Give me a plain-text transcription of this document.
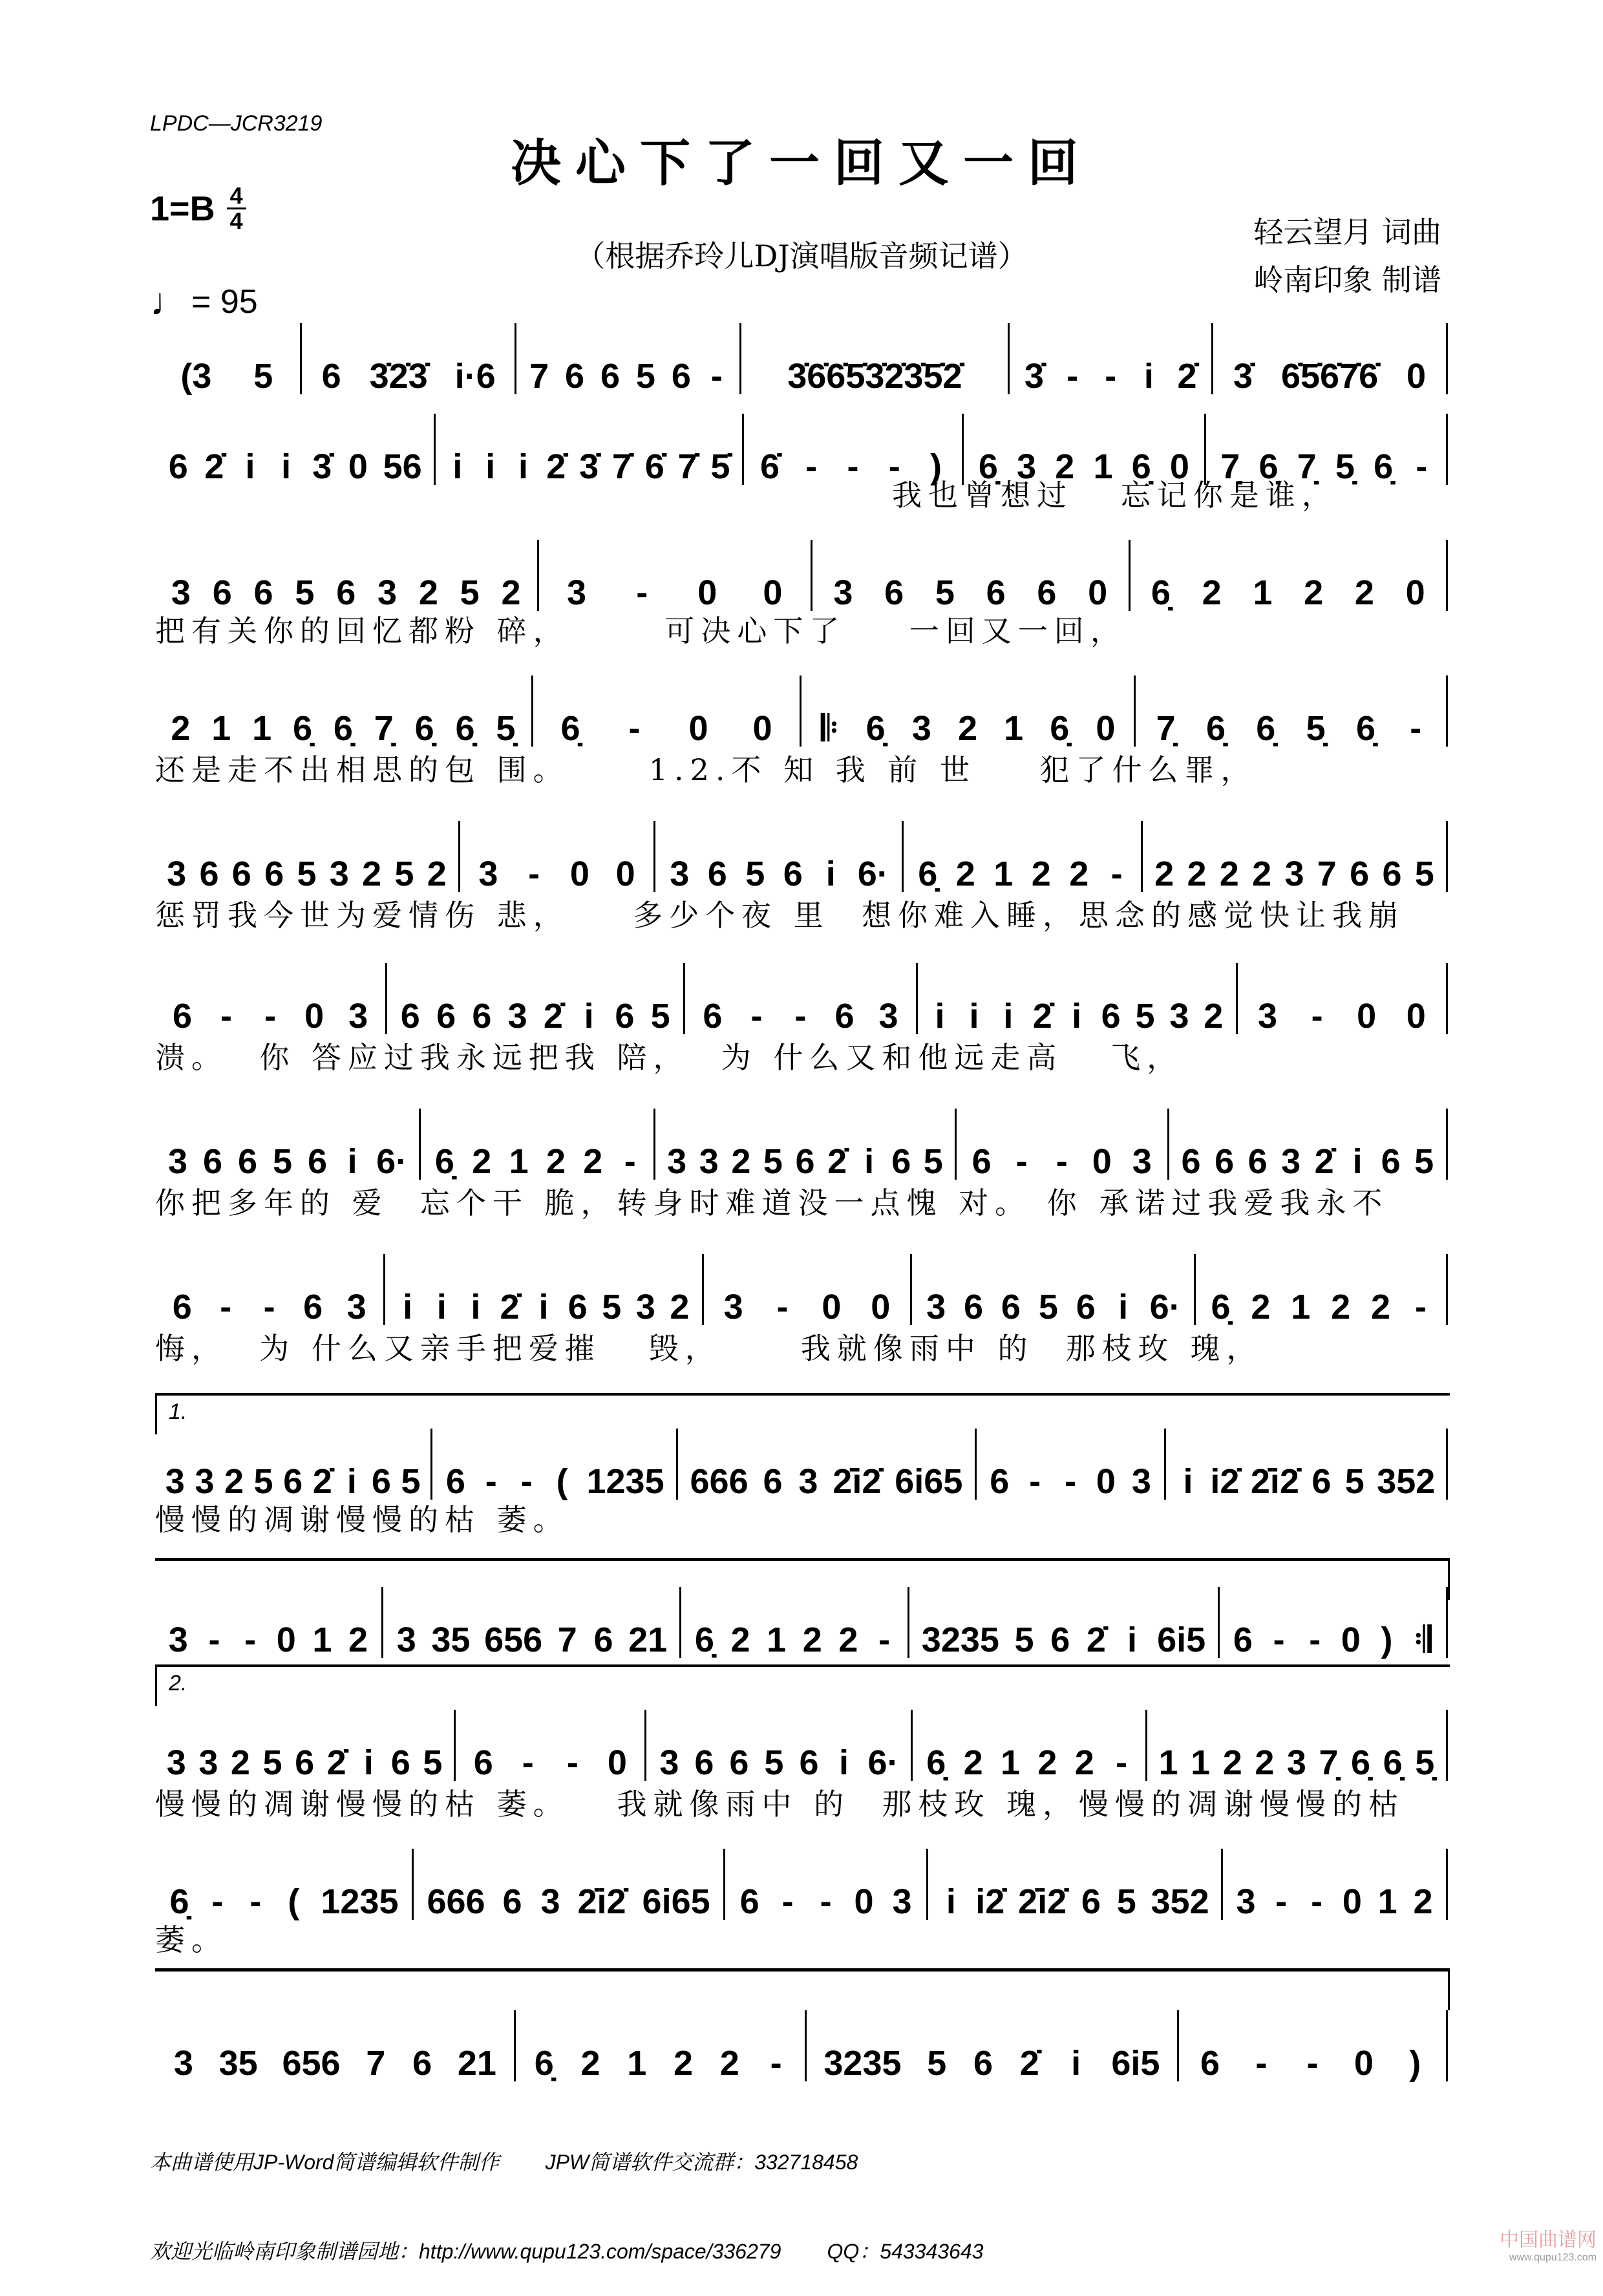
LPDC—JCR3219
决心下了一回又一回
$1=B \frac{4}{4}$
（根据乔玲儿DJ演唱版音频记谱）
轻云望月 词曲
岭南印象 制谱
♩ = 95
(3 5 6 3̇2̇3̇ i·6 7 6 6 5 6 - 3̇6̇6̇5̇3̇2̇3̇5̇2̇ 3̇ - - i 2̇ 3̇ 6̇5̇6̇7̇6̇ 0
6 2̇ i i 3̇ 0 56 i i i 2̇ 3̇ 7̇ 6̇ 7̇ 5̇ 6̇ - - - ) 6̣ 3 2 1 6̣ 0 7̣ 6̣ 7̣ 5̣ 6̣ -
3 6 6 5 6 3 2 5 2 3 - 0 0 3 6 5 6 6 0 6̣ 2 1 2 2 0
2 1 1 6̣ 6̣ 7̣ 6̣ 6̣ 5̣ 6̣ - 0 0 𝄆 6̣ 3 2 1 6̣ 0 7̣ 6̣ 6̣ 5̣ 6̣ -
3 6 6 6 5 3 2 5 2 3 - 0 0 3 6 5 6 i 6· 6̣ 2 1 2 2 - 2 2 2 2 3 7 6 6 5
6 - - 0 3 6 6 6 3 2̇ i 6 5 6 - - 6 3 i i i 2̇ i 6 5 3 2 3 - 0 0
3 6 6 5 6 i 6· 6̣ 2 1 2 2 - 3 3 2 5 6 2̇ i 6 5 6 - - 0 3 6 6 6 3 2̇ i 6 5
6 - - 6 3 i i i 2̇ i 6 5 3 2 3 - 0 0 3 6 6 5 6 i 6· 6̣ 2 1 2 2 -
3 3 2 5 6 2̇ i 6 5 6 - - ( 1235 666 6 3 2̇i2̇ 6i65 6 - - 0 3 i i2̇ 2̇i2̇ 6 5 352
3 - - 0 1 2 3 35 656 7 6 21 6̣ 2 1 2 2 - 3235 5 6 2̇ i 6i5 6 - - 0 ) 𝄇
3 3 2 5 6 2̇ i 6 5 6 - - 0 3 6 6 5 6 i 6· 6̣ 2 1 2 2 - 1 1 2 2 3 7̣ 6̣ 6̣ 5̣
6̣ - - ( 1235 666 6 3 2̇i2̇ 6i65 6 - - 0 3 i i2̇ 2̇i2̇ 6 5 352 3 - - 0 1 2
3 35 656 7 6 21 6̣ 2 1 2 2 - 3235 5 6 2̇ i 6i5 6 - - 0 )
我也曾想过   忘记你是谁，
把有关你的回忆都粉 碎，      可决心下了    一回又一回，
还是走不出相思的包 围。     1.2.不 知 我 前 世    犯了什么罪，
惩罚我今世为爱情伤 悲，    多少个夜 里  想你难入睡，思念的感觉快让我崩
溃。  你 答应过我永远把我 陪，  为 什么又和他远走高   飞，
你把多年的 爱  忘个干 脆，转身时难道没一点愧 对。 你 承诺过我爱我永不
悔，  为 什么又亲手把爱摧   毁，     我就像雨中 的  那枝玫 瑰，
慢慢的凋谢慢慢的枯 萎。
慢慢的凋谢慢慢的枯 萎。   我就像雨中 的  那枝玫 瑰，慢慢的凋谢慢慢的枯
萎。
1.
2.

本曲谱使用JP-Word简谱编辑软件制作        JPW简谱软件交流群：332718458

欢迎光临岭南印象制谱园地：http://www.qupu123.com/space/336279        QQ：543343643	中国曲谱网
www.qupu123.com
